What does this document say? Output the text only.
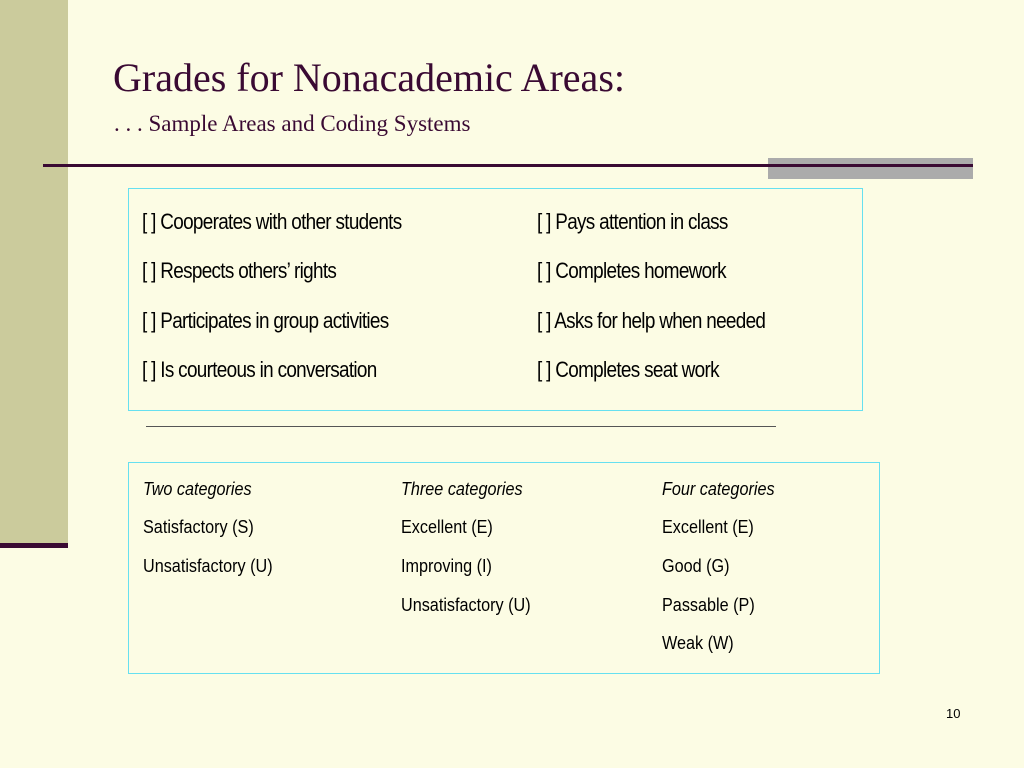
Grades for Nonacademic Areas:
. . . Sample Areas and Coding Systems
[ ] Cooperates with other students
[ ] Respects others’ rights
[ ] Participates in group activities
[ ] Is courteous in conversation
[ ] Pays attention in class
[ ] Completes homework
[ ] Asks for help when needed
[ ] Completes seat work
Two categories
Satisfactory (S)
Unsatisfactory (U)
Three categories
Excellent (E)
Improving (I)
Unsatisfactory (U)
Four categories
Excellent (E)
Good (G)
Passable (P)
Weak (W)
10
